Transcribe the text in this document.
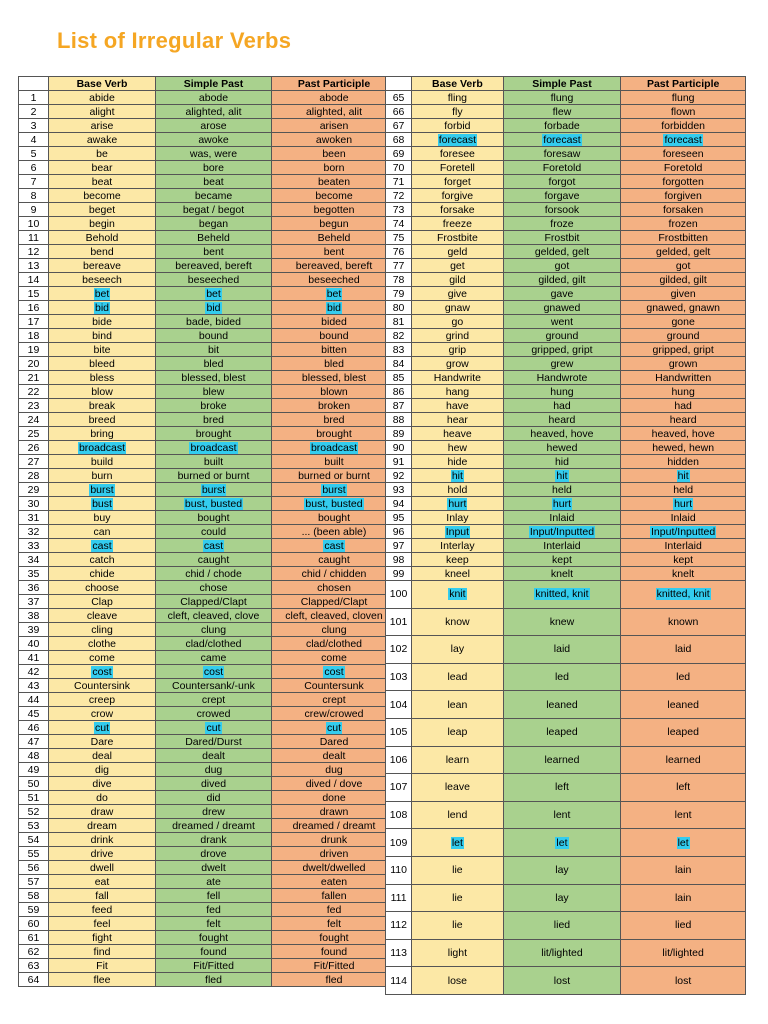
List of Irregular Verbs
	Base Verb	Simple Past	Past Participle
1	abide	abode	abode
2	alight	alighted, alit	alighted, alit
3	arise	arose	arisen
4	awake	awoke	awoken
5	be	was, were	been
6	bear	bore	born
7	beat	beat	beaten
8	become	became	become
9	beget	begat / begot	begotten
10	begin	began	begun
11	Behold	Beheld	Beheld
12	bend	bent	bent
13	bereave	bereaved, bereft	bereaved, bereft
14	beseech	beseeched	beseeched
15	bet	bet	bet
16	bid	bid	bid
17	bide	bade, bided	bided
18	bind	bound	bound
19	bite	bit	bitten
20	bleed	bled	bled
21	bless	blessed, blest	blessed, blest
22	blow	blew	blown
23	break	broke	broken
24	breed	bred	bred
25	bring	brought	brought
26	broadcast	broadcast	broadcast
27	build	built	built
28	burn	burned or burnt	burned or burnt
29	burst	burst	burst
30	bust	bust, busted	bust, busted
31	buy	bought	bought
32	can	could	... (been able)
33	cast	cast	cast
34	catch	caught	caught
35	chide	chid / chode	chid / chidden
36	choose	chose	chosen
37	Clap	Clapped/Clapt	Clapped/Clapt
38	cleave	cleft, cleaved, clove	cleft, cleaved, cloven
39	cling	clung	clung
40	clothe	clad/clothed	clad/clothed
41	come	came	come
42	cost	cost	cost
43	Countersink	Countersank/-unk	Countersunk
44	creep	crept	crept
45	crow	crowed	crew/crowed
46	cut	cut	cut
47	Dare	Dared/Durst	Dared
48	deal	dealt	dealt
49	dig	dug	dug
50	dive	dived	dived / dove
51	do	did	done
52	draw	drew	drawn
53	dream	dreamed / dreamt	dreamed / dreamt
54	drink	drank	drunk
55	drive	drove	driven
56	dwell	dwelt	dwelt/dwelled
57	eat	ate	eaten
58	fall	fell	fallen
59	feed	fed	fed
60	feel	felt	felt
61	fight	fought	fought
62	find	found	found
63	Fit	Fit/Fitted	Fit/Fitted
64	flee	fled	fled
	Base Verb	Simple Past	Past Participle
65	fling	flung	flung
66	fly	flew	flown
67	forbid	forbade	forbidden
68	forecast	forecast	forecast
69	foresee	foresaw	foreseen
70	Foretell	Foretold	Foretold
71	forget	forgot	forgotten
72	forgive	forgave	forgiven
73	forsake	forsook	forsaken
74	freeze	froze	frozen
75	Frostbite	Frostbit	Frostbitten
76	geld	gelded, gelt	gelded, gelt
77	get	got	got
78	gild	gilded, gilt	gilded, gilt
79	give	gave	given
80	gnaw	gnawed	gnawed, gnawn
81	go	went	gone
82	grind	ground	ground
83	grip	gripped, gript	gripped, gript
84	grow	grew	grown
85	Handwrite	Handwrote	Handwritten
86	hang	hung	hung
87	have	had	had
88	hear	heard	heard
89	heave	heaved, hove	heaved, hove
90	hew	hewed	hewed, hewn
91	hide	hid	hidden
92	hit	hit	hit
93	hold	held	held
94	hurt	hurt	hurt
95	Inlay	Inlaid	Inlaid
96	Input	Input/Inputted	Input/Inputted
97	Interlay	Interlaid	Interlaid
98	keep	kept	kept
99	kneel	knelt	knelt
100	knit	knitted, knit	knitted, knit
101	know	knew	known
102	lay	laid	laid
103	lead	led	led
104	lean	leaned	leaned
105	leap	leaped	leaped
106	learn	learned	learned
107	leave	left	left
108	lend	lent	lent
109	let	let	let
110	lie	lay	lain
111	lie	lay	lain
112	lie	lied	lied
113	light	lit/lighted	lit/lighted
114	lose	lost	lost
